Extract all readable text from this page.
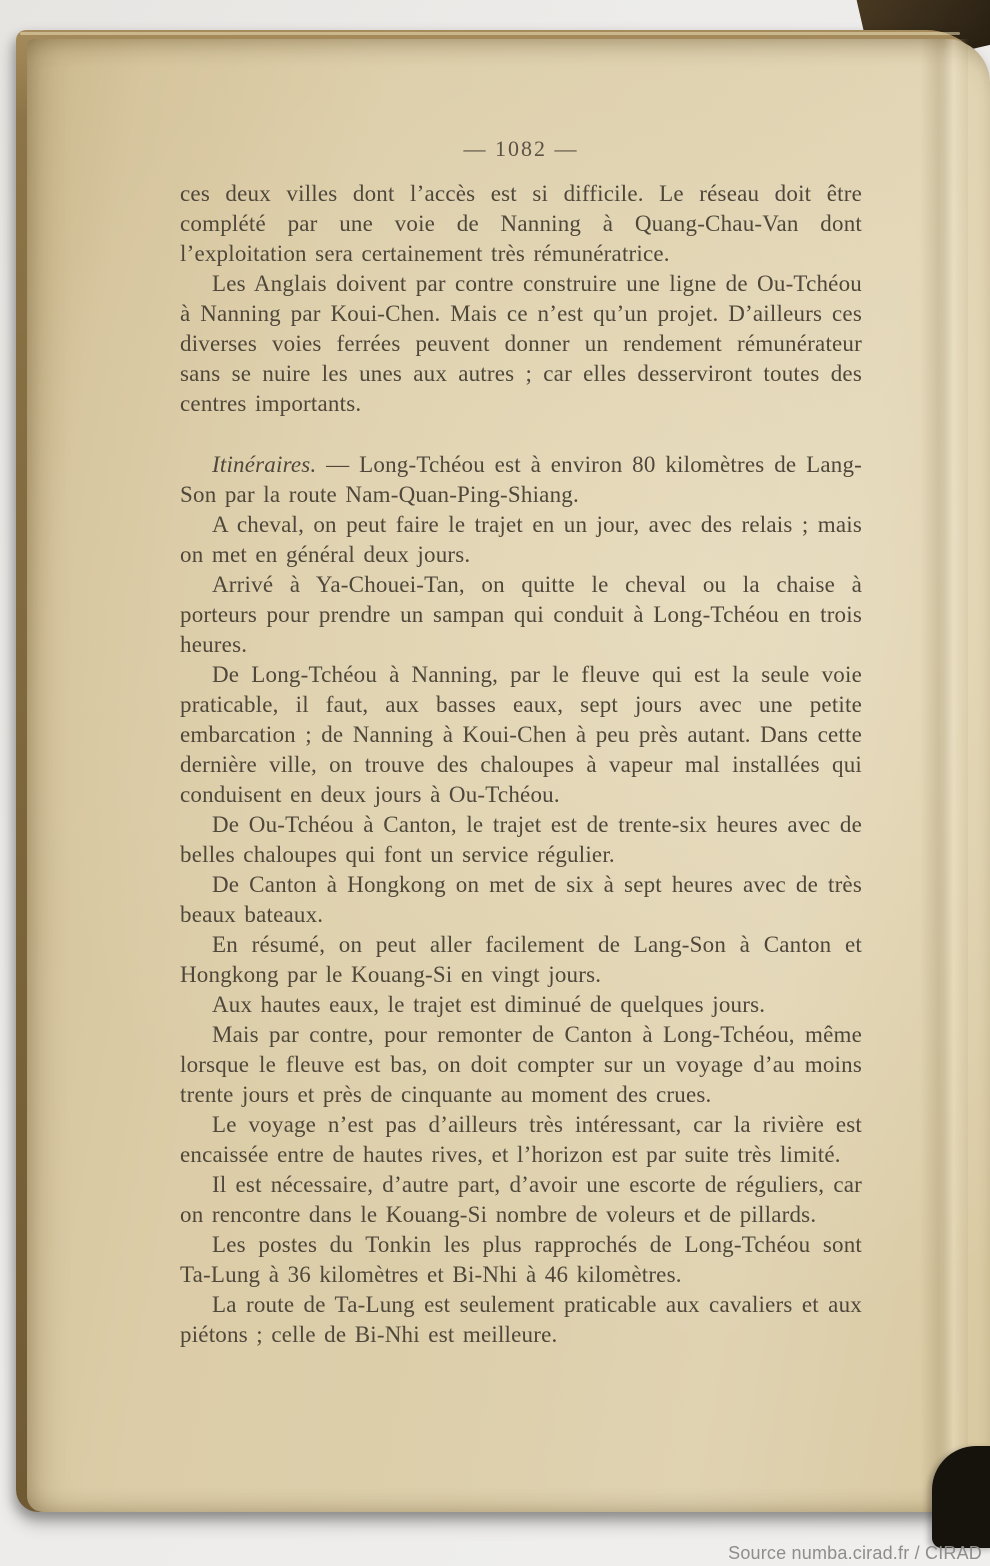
— 1082 —

ces deux villes dont l’accès est si difficile. Le réseau doit être complété par une voie de Nanning à Quang-Chau-Van dont l’exploitation sera certainement très rémunératrice.

Les Anglais doivent par contre construire une ligne de Ou-Tchéou à Nanning par Koui-Chen. Mais ce n’est qu’un projet. D’ailleurs ces diverses voies ferrées peuvent donner un rendement rémunérateur sans se nuire les unes aux autres ; car elles desserviront toutes des centres importants.

Itinéraires. — Long-Tchéou est à environ 80 kilomètres de Lang-Son par la route Nam-Quan-Ping-Shiang.

A cheval, on peut faire le trajet en un jour, avec des relais ; mais on met en général deux jours.

Arrivé à Ya-Chouei-Tan, on quitte le cheval ou la chaise à porteurs pour prendre un sampan qui conduit à Long-Tchéou en trois heures.

De Long-Tchéou à Nanning, par le fleuve qui est la seule voie praticable, il faut, aux basses eaux, sept jours avec une petite embarcation ; de Nanning à Koui-Chen à peu près autant. Dans cette dernière ville, on trouve des chaloupes à vapeur mal installées qui conduisent en deux jours à Ou-Tchéou.

De Ou-Tchéou à Canton, le trajet est de trente-six heures avec de belles chaloupes qui font un service régulier.

De Canton à Hongkong on met de six à sept heures avec de très beaux bateaux.

En résumé, on peut aller facilement de Lang-Son à Canton et Hongkong par le Kouang-Si en vingt jours.

Aux hautes eaux, le trajet est diminué de quelques jours.

Mais par contre, pour remonter de Canton à Long-Tchéou, même lorsque le fleuve est bas, on doit compter sur un voyage d’au moins trente jours et près de cinquante au moment des crues.

Le voyage n’est pas d’ailleurs très intéressant, car la rivière est encaissée entre de hautes rives, et l’horizon est par suite très limité.

Il est nécessaire, d’autre part, d’avoir une escorte de réguliers, car on rencontre dans le Kouang-Si nombre de voleurs et de pillards.

Les postes du Tonkin les plus rapprochés de Long-Tchéou sont Ta-Lung à 36 kilomètres et Bi-Nhi à 46 kilomètres.

La route de Ta-Lung est seulement praticable aux cavaliers et aux piétons ; celle de Bi-Nhi est meilleure.

Source numba.cirad.fr / CIRAD
